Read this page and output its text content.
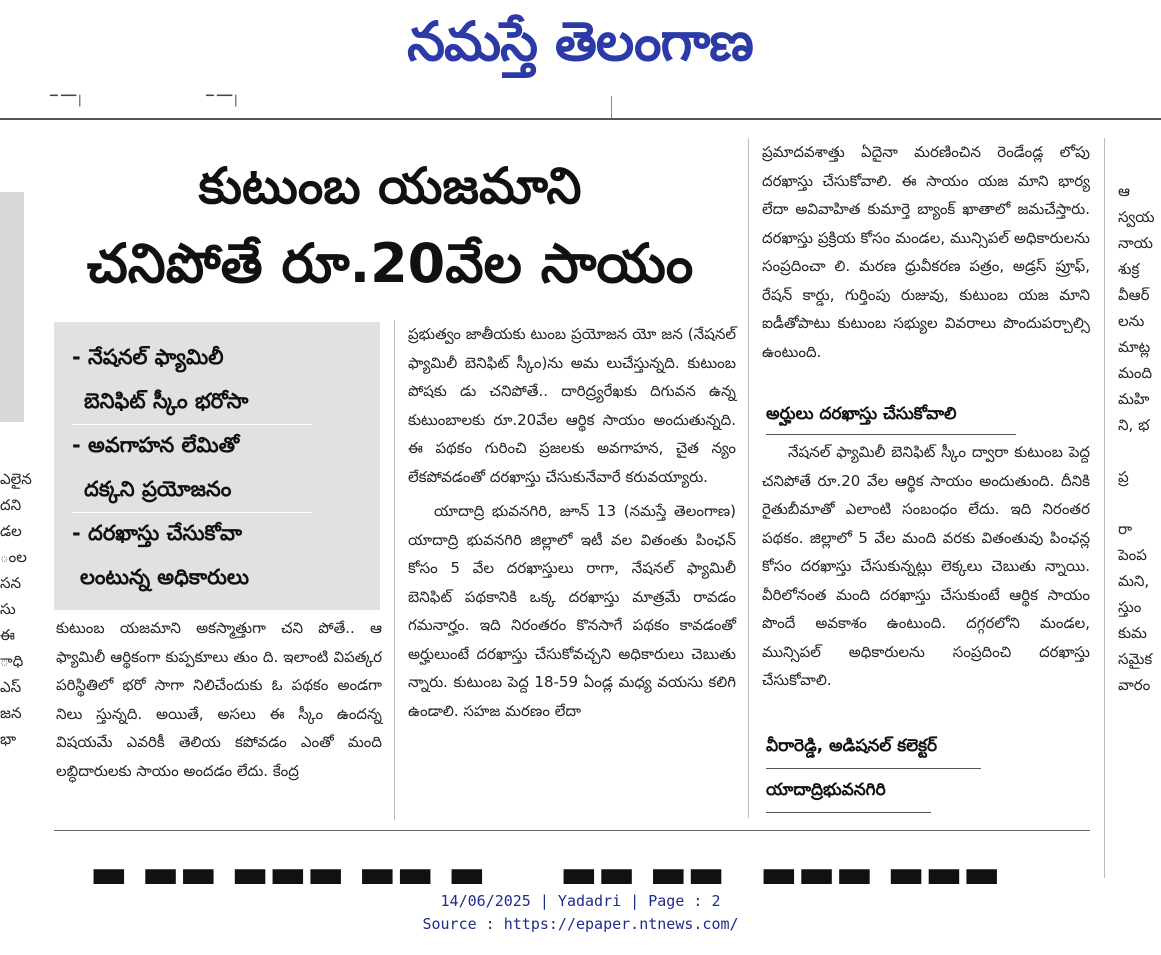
నమస్తే తెలంగాణ
▔ ▔▔ ▏	▔ ▔▔ ▏
ఎలైన
దని
డల
ంల
సన
సు
ఈ
ాధి
ఎస్
జన
భా
కుటుంబ యజమాని
చనిపోతే రూ.20వేల సాయం
- నేషనల్ ఫ్యామిలీ
బెనిఫిట్ స్కీం భరోసా
- అవగాహన లేమితో
దక్కని ప్రయోజనం
- దరఖాస్తు చేసుకోవా
లంటున్న అధికారులు

కుటుంబ యజమాని అకస్మాత్తుగా చని పోతే.. ఆ ఫ్యామిలీ ఆర్థికంగా కుప్పకూలు తుం ది. ఇలాంటి విపత్కర పరిస్థితిలో భరో సాగా నిలిచేందుకు ఓ పథకం అండగా నిలు స్తున్నది. అయితే, అసలు ఈ స్కీం ఉందన్న విషయమే ఎవరికీ తెలియ కపోవడం ఎంతో మంది లబ్ధిదారులకు సాయం అందడం లేదు. కేంద్ర

ప్రభుత్వం జాతీయకు టుంబ ప్రయోజన యో జన (నేషనల్ ఫ్యామిలీ బెనిఫిట్ స్కీం)ను అమ లుచేస్తున్నది. కుటుంబ పోషకు డు చనిపోతే.. దారిద్ర్యరేఖకు దిగువన ఉన్న కుటుంబాలకు రూ.20వేల ఆర్థిక సాయం అందుతున్నది. ఈ పథకం గురించి ప్రజలకు అవగాహన, చైత న్యం లేకపోవడంతో దరఖాస్తు చేసుకునేవారే కరువయ్యారు.

యాదాద్రి భువనగిరి, జూన్ 13 (నమస్తే తెలంగాణ) యాదాద్రి భువనగిరి జిల్లాలో ఇటీ వల వితంతు పింఛన్ కోసం 5 వేల దరఖాస్తులు రాగా, నేషనల్ ఫ్యామిలీ బెనిఫిట్ పథకానికి ఒక్క దరఖాస్తు మాత్రమే రావడం గమనార్హం. ఇది నిరంతరం కొనసాగే పథకం కావడంతో అర్హులుంటే దరఖాస్తు చేసుకోవచ్చని అధికారులు చెబుతు న్నారు. కుటుంబ పెద్ద 18-59 ఏండ్ల మధ్య వయసు కలిగి ఉండాలి. సహజ మరణం లేదా

ప్రమాదవశాత్తు ఏదైనా మరణించిన రెండేండ్ల లోపు దరఖాస్తు చేసుకోవాలి. ఈ సాయం యజ మాని భార్య లేదా అవివాహిత కుమార్తె బ్యాంక్ ఖాతాలో జమచేస్తారు. దరఖాస్తు ప్రక్రియ కోసం మండల, మున్సిపల్ అధికారులను సంప్రదించా లి. మరణ ధ్రువీకరణ పత్రం, అడ్రస్ ప్రూఫ్, రేషన్ కార్డు, గుర్తింపు రుజువు, కుటుంబ యజ మాని ఐడీతోపాటు కుటుంబ సభ్యుల వివరాలు పొందుపర్చాల్సి ఉంటుంది.

అర్హులు దరఖాస్తు చేసుకోవాలి

నేషనల్ ఫ్యామిలీ బెనిఫిట్ స్కీం ద్వారా కుటుంబ పెద్ద చనిపోతే రూ.20 వేల ఆర్థిక సాయం అందుతుంది. దీనికి రైతుబీమాతో ఎలాంటి సంబంధం లేదు. ఇది నిరంతర పథకం. జిల్లాలో 5 వేల మంది వరకు వితంతువు పింఛన్ల కోసం దరఖాస్తు చేసుకున్నట్లు లెక్కలు చెబుతు న్నాయి. వీరిలోనంత మంది దరఖాస్తు చేసుకుంటే ఆర్థిక సాయం పొందే అవకాశం ఉంటుంది. దగ్గరలోని మండల, మున్సిపల్ అధికారులను సంప్రదించి దరఖాస్తు చేసుకోవాలి.

వీరారెడ్డి, అడిషనల్ కలెక్టర్
యాదాద్రిభువనగిరి
ఆ
స్వయ
నాయ
శుక్ర
వీఆర్
లను
మాట్ల
మంది
మహి
ని, భ

ప్ర

రా
పెంప
మని,
స్తుం
కుమ
సమైక
వారం
▬ ▬▬ ▬▬▬ ▬▬ ▬ ▬▬ ▬▬ ▬▬▬ ▬▬▬
14/06/2025 | Yadadri | Page : 2
Source : https://epaper.ntnews.com/
